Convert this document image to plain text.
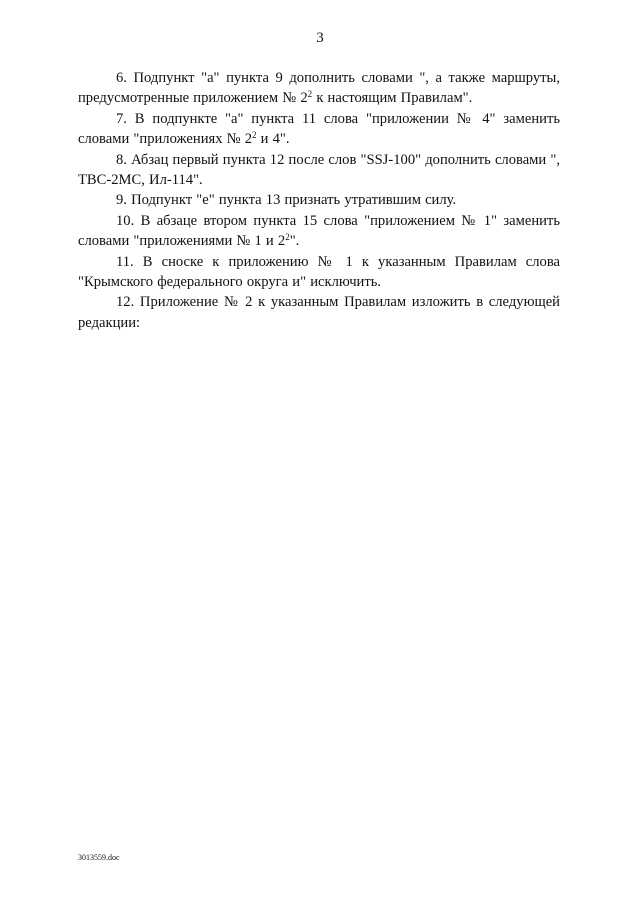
3

6. Подпункт "а" пункта 9 дополнить словами ", а также маршруты, предусмотренные приложением № $2^2$ к настоящим Правилам".

7. В подпункте "а" пункта 11 слова "приложении № 4" заменить словами "приложениях № $2^2$ и 4".

8. Абзац первый пункта 12 после слов "SSJ-100" дополнить словами ", ТВС-2МС, Ил-114".

9. Подпункт "е" пункта 13 признать утратившим силу.

10. В абзаце втором пункта 15 слова "приложением № 1" заменить словами "приложениями № 1 и $2^2$".

11. В сноске к приложению № 1 к указанным Правилам слова "Крымского федерального округа и" исключить.

12. Приложение № 2 к указанным Правилам изложить в следующей редакции:

3013559.doc
